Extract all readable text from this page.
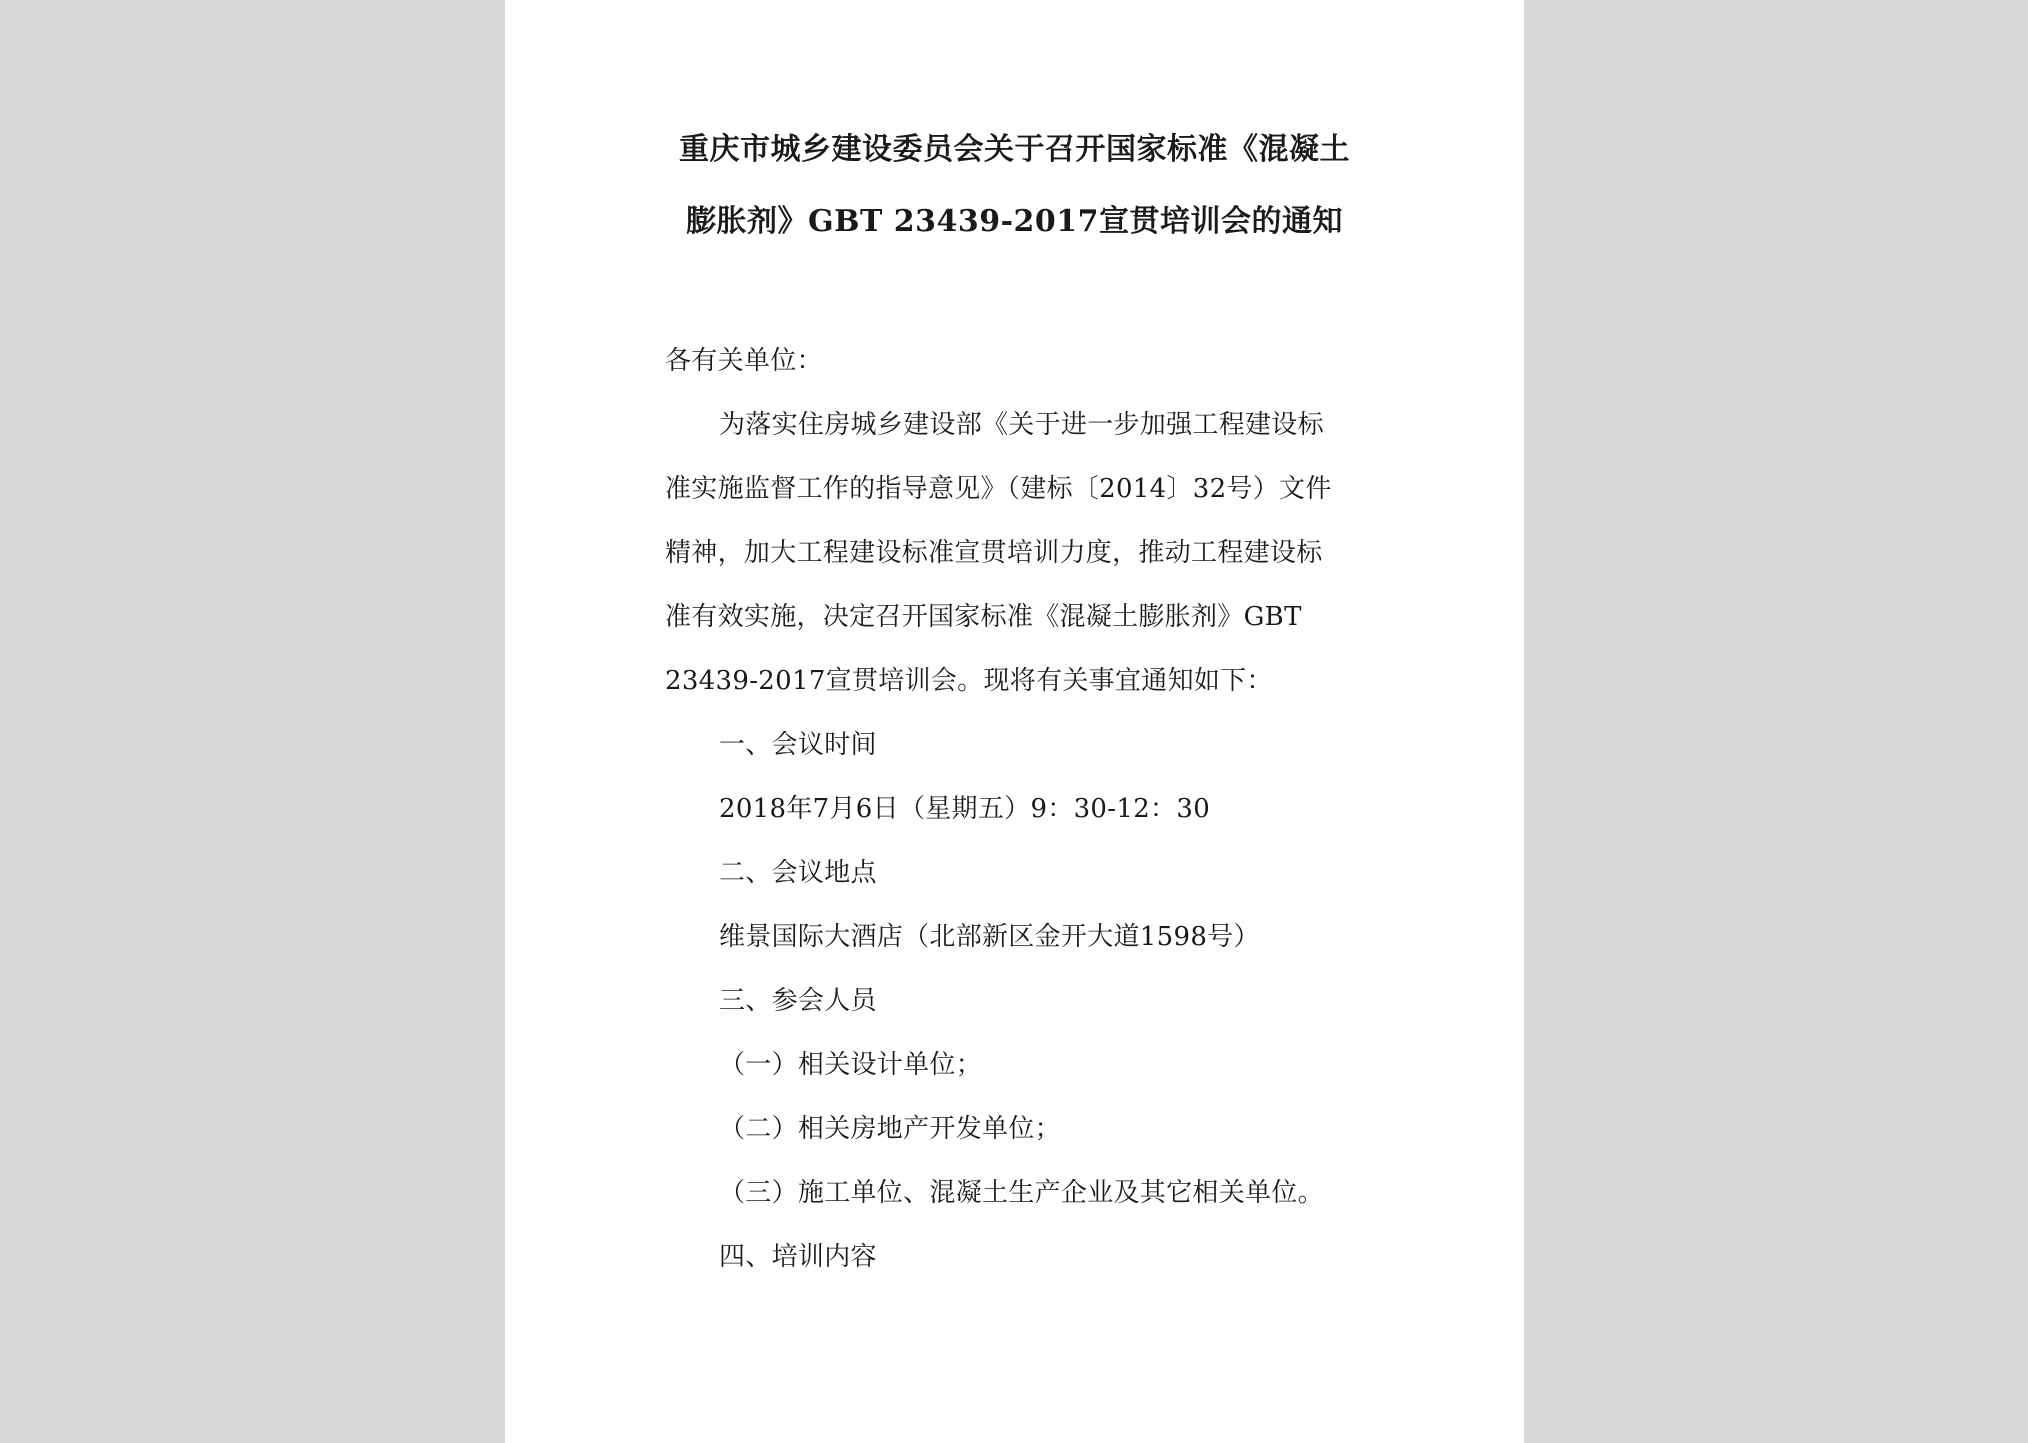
重庆市城乡建设委员会关于召开国家标准《混凝土
膨胀剂》GBT 23439-2017宣贯培训会的通知
各有关单位：
为落实住房城乡建设部《关于进一步加强工程建设标
准实施监督工作的指导意见》（建标〔2014〕32号）文件
精神，加大工程建设标准宣贯培训力度，推动工程建设标
准有效实施，决定召开国家标准《混凝土膨胀剂》GBT
23439-2017宣贯培训会。现将有关事宜通知如下：
一、会议时间
2018年7月6日（星期五）9：30-12：30
二、会议地点
维景国际大酒店（北部新区金开大道1598号）
三、参会人员
（一）相关设计单位；
（二）相关房地产开发单位；
（三）施工单位、混凝土生产企业及其它相关单位。
四、培训内容
